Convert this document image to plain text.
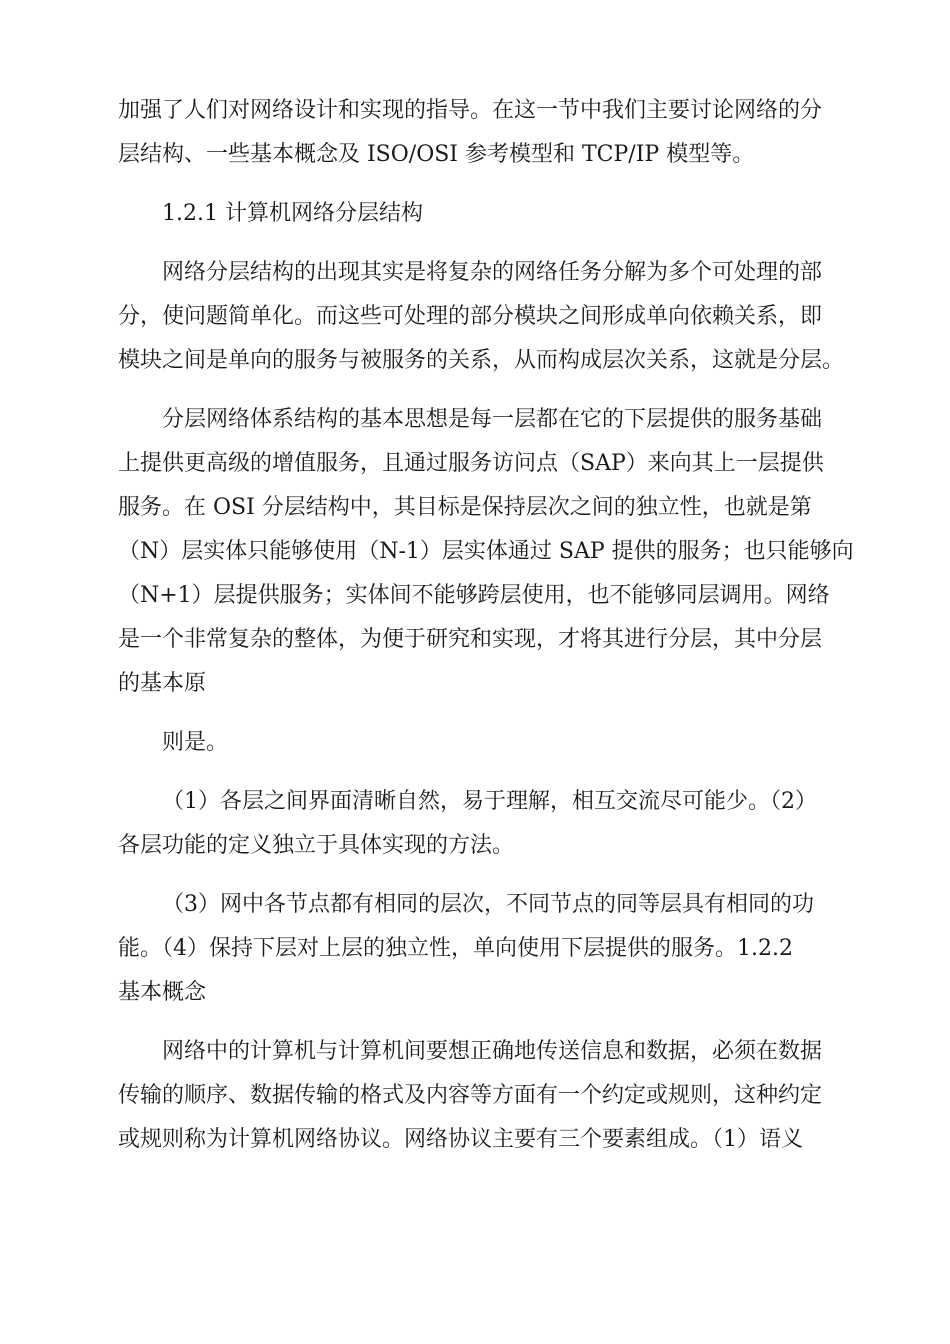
加强了人们对网络设计和实现的指导。在这一节中我们主要讨论网络的分

层结构、一些基本概念及 ISO/OSI 参考模型和 TCP/IP 模型等。

1.2.1 计算机网络分层结构

网络分层结构的出现其实是将复杂的网络任务分解为多个可处理的部

分，使问题简单化。而这些可处理的部分模块之间形成单向依赖关系，即

模块之间是单向的服务与被服务的关系，从而构成层次关系，这就是分层。

分层网络体系结构的基本思想是每一层都在它的下层提供的服务基础

上提供更高级的增值服务，且通过服务访问点（SAP）来向其上一层提供

服务。在 OSI 分层结构中，其目标是保持层次之间的独立性，也就是第

（N）层实体只能够使用（N-1）层实体通过 SAP 提供的服务；也只能够向

（N+1）层提供服务；实体间不能够跨层使用，也不能够同层调用。网络

是一个非常复杂的整体，为便于研究和实现，才将其进行分层，其中分层

的基本原

则是。

（1）各层之间界面清晰自然，易于理解，相互交流尽可能少。（2）

各层功能的定义独立于具体实现的方法。

（3）网中各节点都有相同的层次，不同节点的同等层具有相同的功

能。（4）保持下层对上层的独立性，单向使用下层提供的服务。1.2.2

基本概念

网络中的计算机与计算机间要想正确地传送信息和数据，必须在数据

传输的顺序、数据传输的格式及内容等方面有一个约定或规则，这种约定

或规则称为计算机网络协议。网络协议主要有三个要素组成。（1）语义
